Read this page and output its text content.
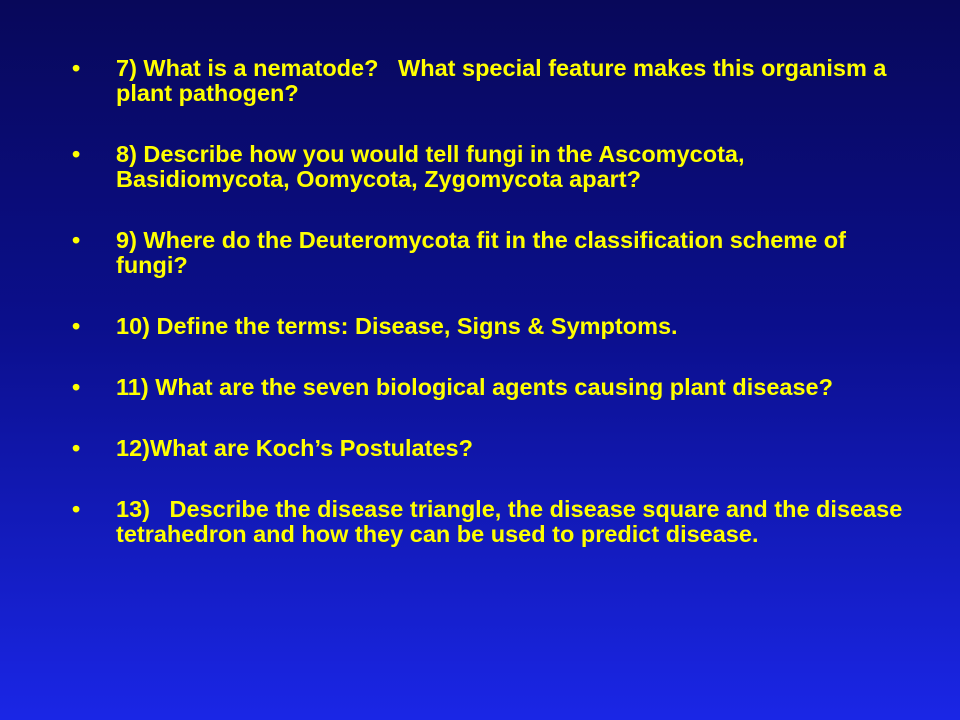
• 7) What is a nematode?   What special feature makes this organism a plant pathogen?
• 8) Describe how you would tell fungi in the Ascomycota, Basidiomycota, Oomycota, Zygomycota apart?
• 9) Where do the Deuteromycota fit in the classification scheme of fungi?
• 10) Define the terms: Disease, Signs & Symptoms.
• 11) What are the seven biological agents causing plant disease?
• 12)What are Koch’s Postulates?
• 13)   Describe the disease triangle, the disease square and the disease tetrahedron and how they can be used to predict disease.
